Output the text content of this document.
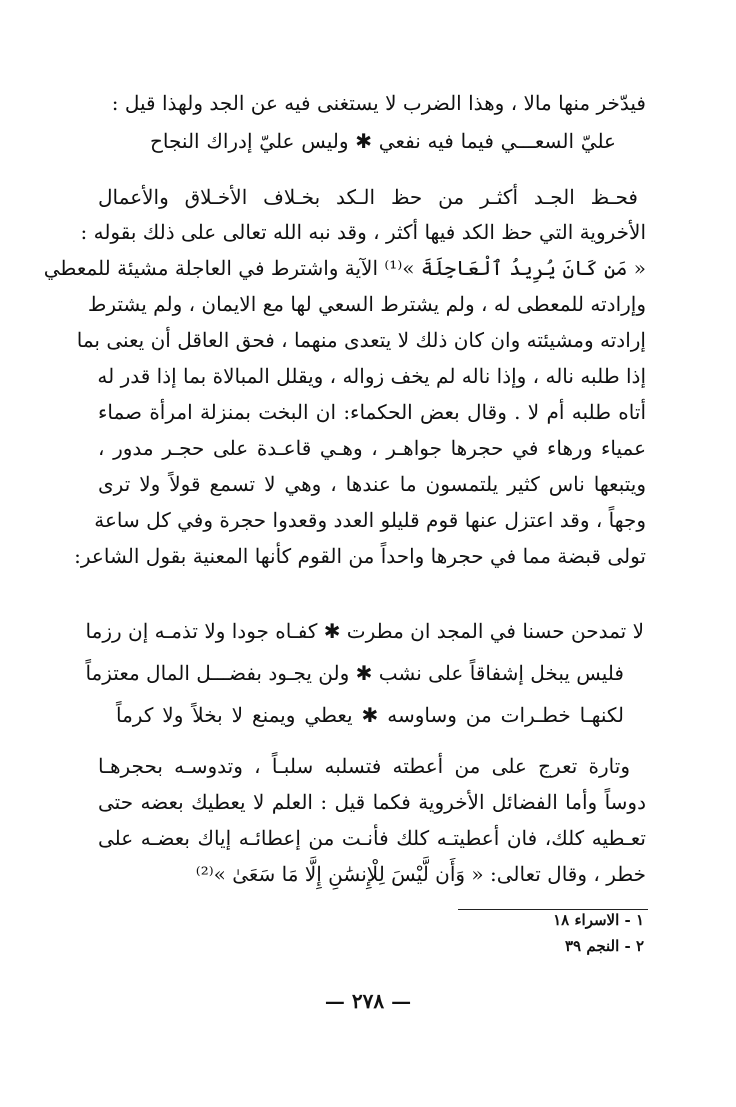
فيدّخر منها مالا ، وهذا الضرب لا يستغنى فيه عن الجد ولهذا قيل :
عليّ السعـــي فيما فيه نفعي ✱ وليس عليّ إدراك النجاح
فحـظ الجـد أكثـر من حظ الـكد بخـلاف الأخـلاق والأعمال
الأخروية التي حظ الكد فيها أكثر ، وقد نبه الله تعالى على ذلك بقوله :
« مَن كَانَ يُرِيدُ ٱلْعَاجِلَةَ »⁽¹⁾ الآية واشترط في العاجلة مشيئة للمعطي
وإرادته للمعطى له ، ولم يشترط السعي لها مع الايمان ، ولم يشترط
إرادته ومشيئته وان كان ذلك لا يتعدى منهما ، فحق العاقل أن يعنى بما
إذا طلبه ناله ، وإذا ناله لم يخف زواله ، ويقلل المبالاة بما إذا قدر له
أتاه طلبه أم لا . وقال بعض الحكماء: ان البخت بمنزلة امرأة صماء
عمياء ورهاء في حجرها جواهـر ، وهـي قاعـدة على حجـر مدور ،
ويتبعها ناس كثير يلتمسون ما عندها ، وهي لا تسمع قولاً ولا ترى
وجهاً ، وقد اعتزل عنها قوم قليلو العدد وقعدوا حجرة وفي كل ساعة
تولى قبضة مما في حجرها واحداً من القوم كأنها المعنية بقول الشاعر:
لا تمدحن حسنا في المجد ان مطرت ✱ كفـاه جودا ولا تذمـه إن رزما
فليس يبخل إشفاقاً على نشب ✱ ولن يجـود بفضـــل المال معتزماً
لكنهـا خطـرات من وساوسه ✱ يعطي ويمنع لا بخلاً ولا كرماً
وتارة تعرج على من أعطته فتسلبه سلبـاً ، وتدوسـه بحجرهـا
دوساً وأما الفضائل الأخروية فكما قيل : العلم لا يعطيك بعضه حتى
تعـطيه كلك، فان أعطيتـه كلك فأنـت من إعطائـه إياك بعضـه على
خطر ، وقال تعالى: « وَأَن لَّيْسَ لِلْإِنسَٰنِ إِلَّا مَا سَعَىٰ »⁽²⁾
١ - الاسراء ١٨
٢ - النجم ٣٩
— ٢٧٨ —
